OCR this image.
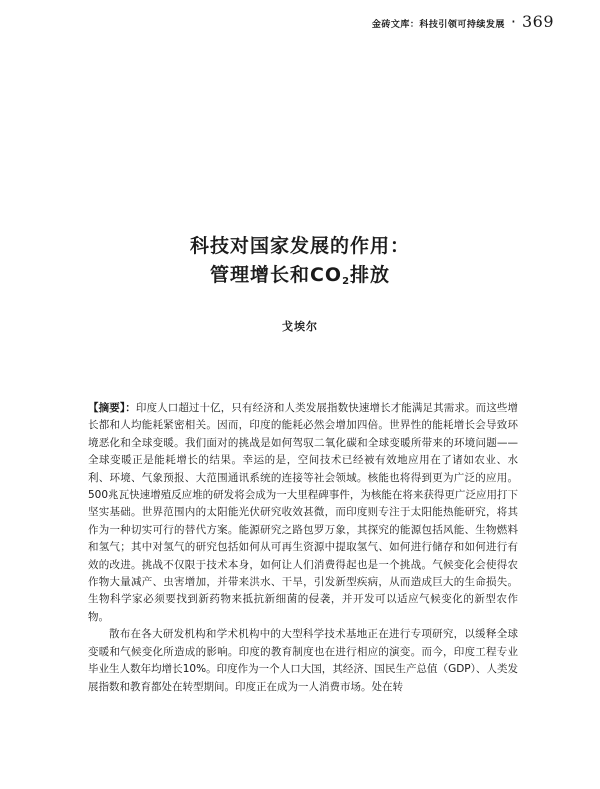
金砖文库：科技引领可持续发展 · 369
科技对国家发展的作用：
管理增长和$CO_2$排放
戈埃尔

【摘要】：印度人口超过十亿，只有经济和人类发展指数快速增长才能满足其需求。而这些增长都和人均能耗紧密相关。因而，印度的能耗必然会增加四倍。世界性的能耗增长会导致环境恶化和全球变暖。我们面对的挑战是如何驾驭二氧化碳和全球变暖所带来的环境问题——全球变暖正是能耗增长的结果。幸运的是，空间技术已经被有效地应用在了诸如农业、水利、环境、气象预报、大范围通讯系统的连接等社会领域。核能也将得到更为广泛的应用。500兆瓦快速增殖反应堆的研发将会成为一大里程碑事件，为核能在将来获得更广泛应用打下坚实基础。世界范围内的太阳能光伏研究收效甚微，而印度则专注于太阳能热能研究，将其作为一种切实可行的替代方案。能源研究之路包罗万象，其探究的能源包括风能、生物燃料和氢气；其中对氢气的研究包括如何从可再生资源中提取氢气、如何进行储存和如何进行有效的改进。挑战不仅限于技术本身，如何让人们消费得起也是一个挑战。气候变化会使得农作物大量减产、虫害增加，并带来洪水、干旱，引发新型疾病，从而造成巨大的生命损失。生物科学家必须要找到新药物来抵抗新细菌的侵袭，并开发可以适应气候变化的新型农作物。

散布在各大研发机构和学术机构中的大型科学技术基地正在进行专项研究，以缓释全球变暖和气候变化所造成的影响。印度的教育制度也在进行相应的演变。而今，印度工程专业毕业生人数年均增长10%。印度作为一个人口大国，其经济、国民生产总值（GDP）、人类发展指数和教育都处在转型期间。印度正在成为一人消费市场。处在转
